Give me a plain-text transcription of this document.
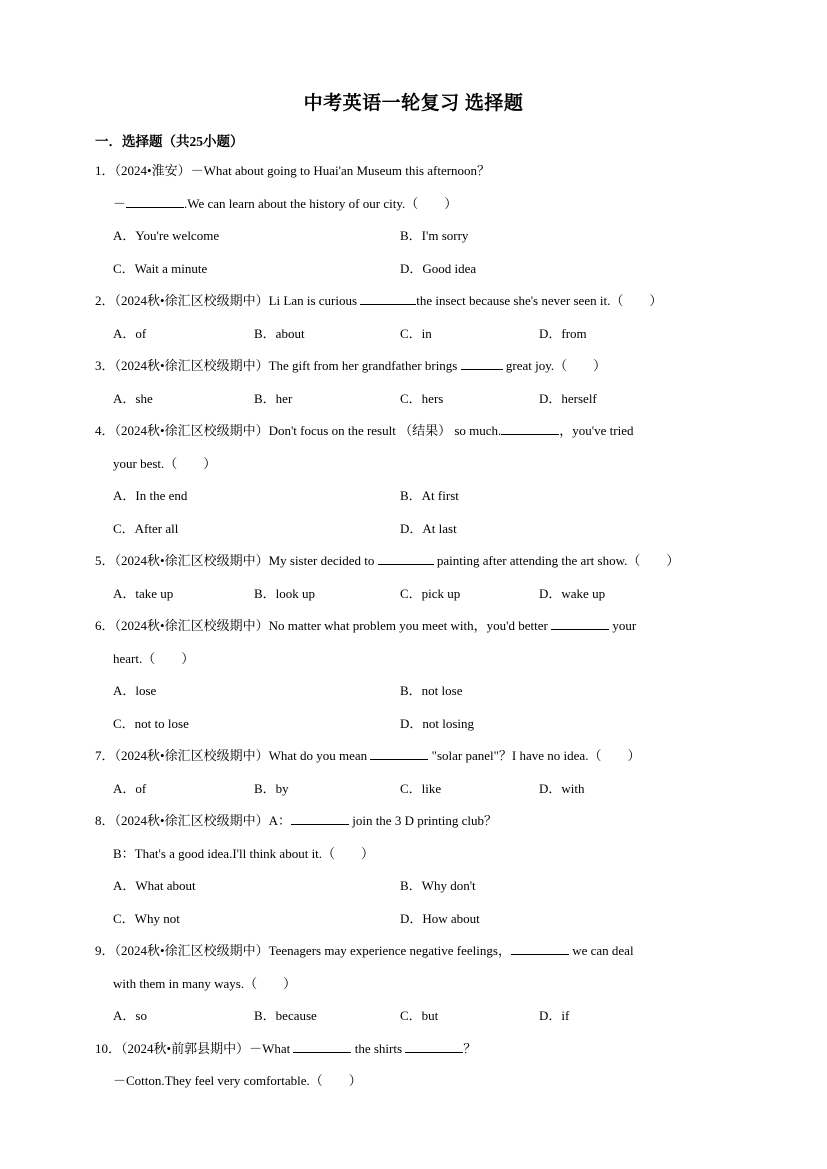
中考英语一轮复习 选择题
一．选择题（共25小题）
1．（2024•淮安）－What about going to Huai'an Museum this afternoon？
－	.We can learn about the history of our city.（　　）
A．You're welcome	B．I'm sorry
C．Wait a minute	D．Good idea
2．（2024秋•徐汇区校级期中）Li Lan is curious	the insect because she's never seen it.（　　）
A．of	B．about	C．in	D．from
3．（2024秋•徐汇区校级期中）The gift from her grandfather brings	great joy.（　　）
A．she	B．her	C．hers	D．herself
4．（2024秋•徐汇区校级期中）Don't focus on the result （结果） so much.	，you've tried
your best.（　　）
A．In the end	B．At first
C．After all	D．At last
5．（2024秋•徐汇区校级期中）My sister decided to	painting after attending the art show.（　　）
A．take up	B．look up	C．pick up	D．wake up
6．（2024秋•徐汇区校级期中）No matter what problem you meet with，you'd better	your
heart.（　　）
A．lose	B．not lose
C．not to lose	D．not losing
7．（2024秋•徐汇区校级期中）What do you mean	"solar panel"？I have no idea.（　　）
A．of	B．by	C．like	D．with
8．（2024秋•徐汇区校级期中）A：	join the 3 D printing club？
B：That's a good idea.I'll think about it.（　　）
A．What about	B．Why don't
C．Why not	D．How about
9．（2024秋•徐汇区校级期中）Teenagers may experience negative feelings，	we can deal
with them in many ways.（　　）
A．so	B．because	C．but	D．if
10．（2024秋•前郭县期中）－What	the shirts	？
－Cotton.They feel very comfortable.（　　）
